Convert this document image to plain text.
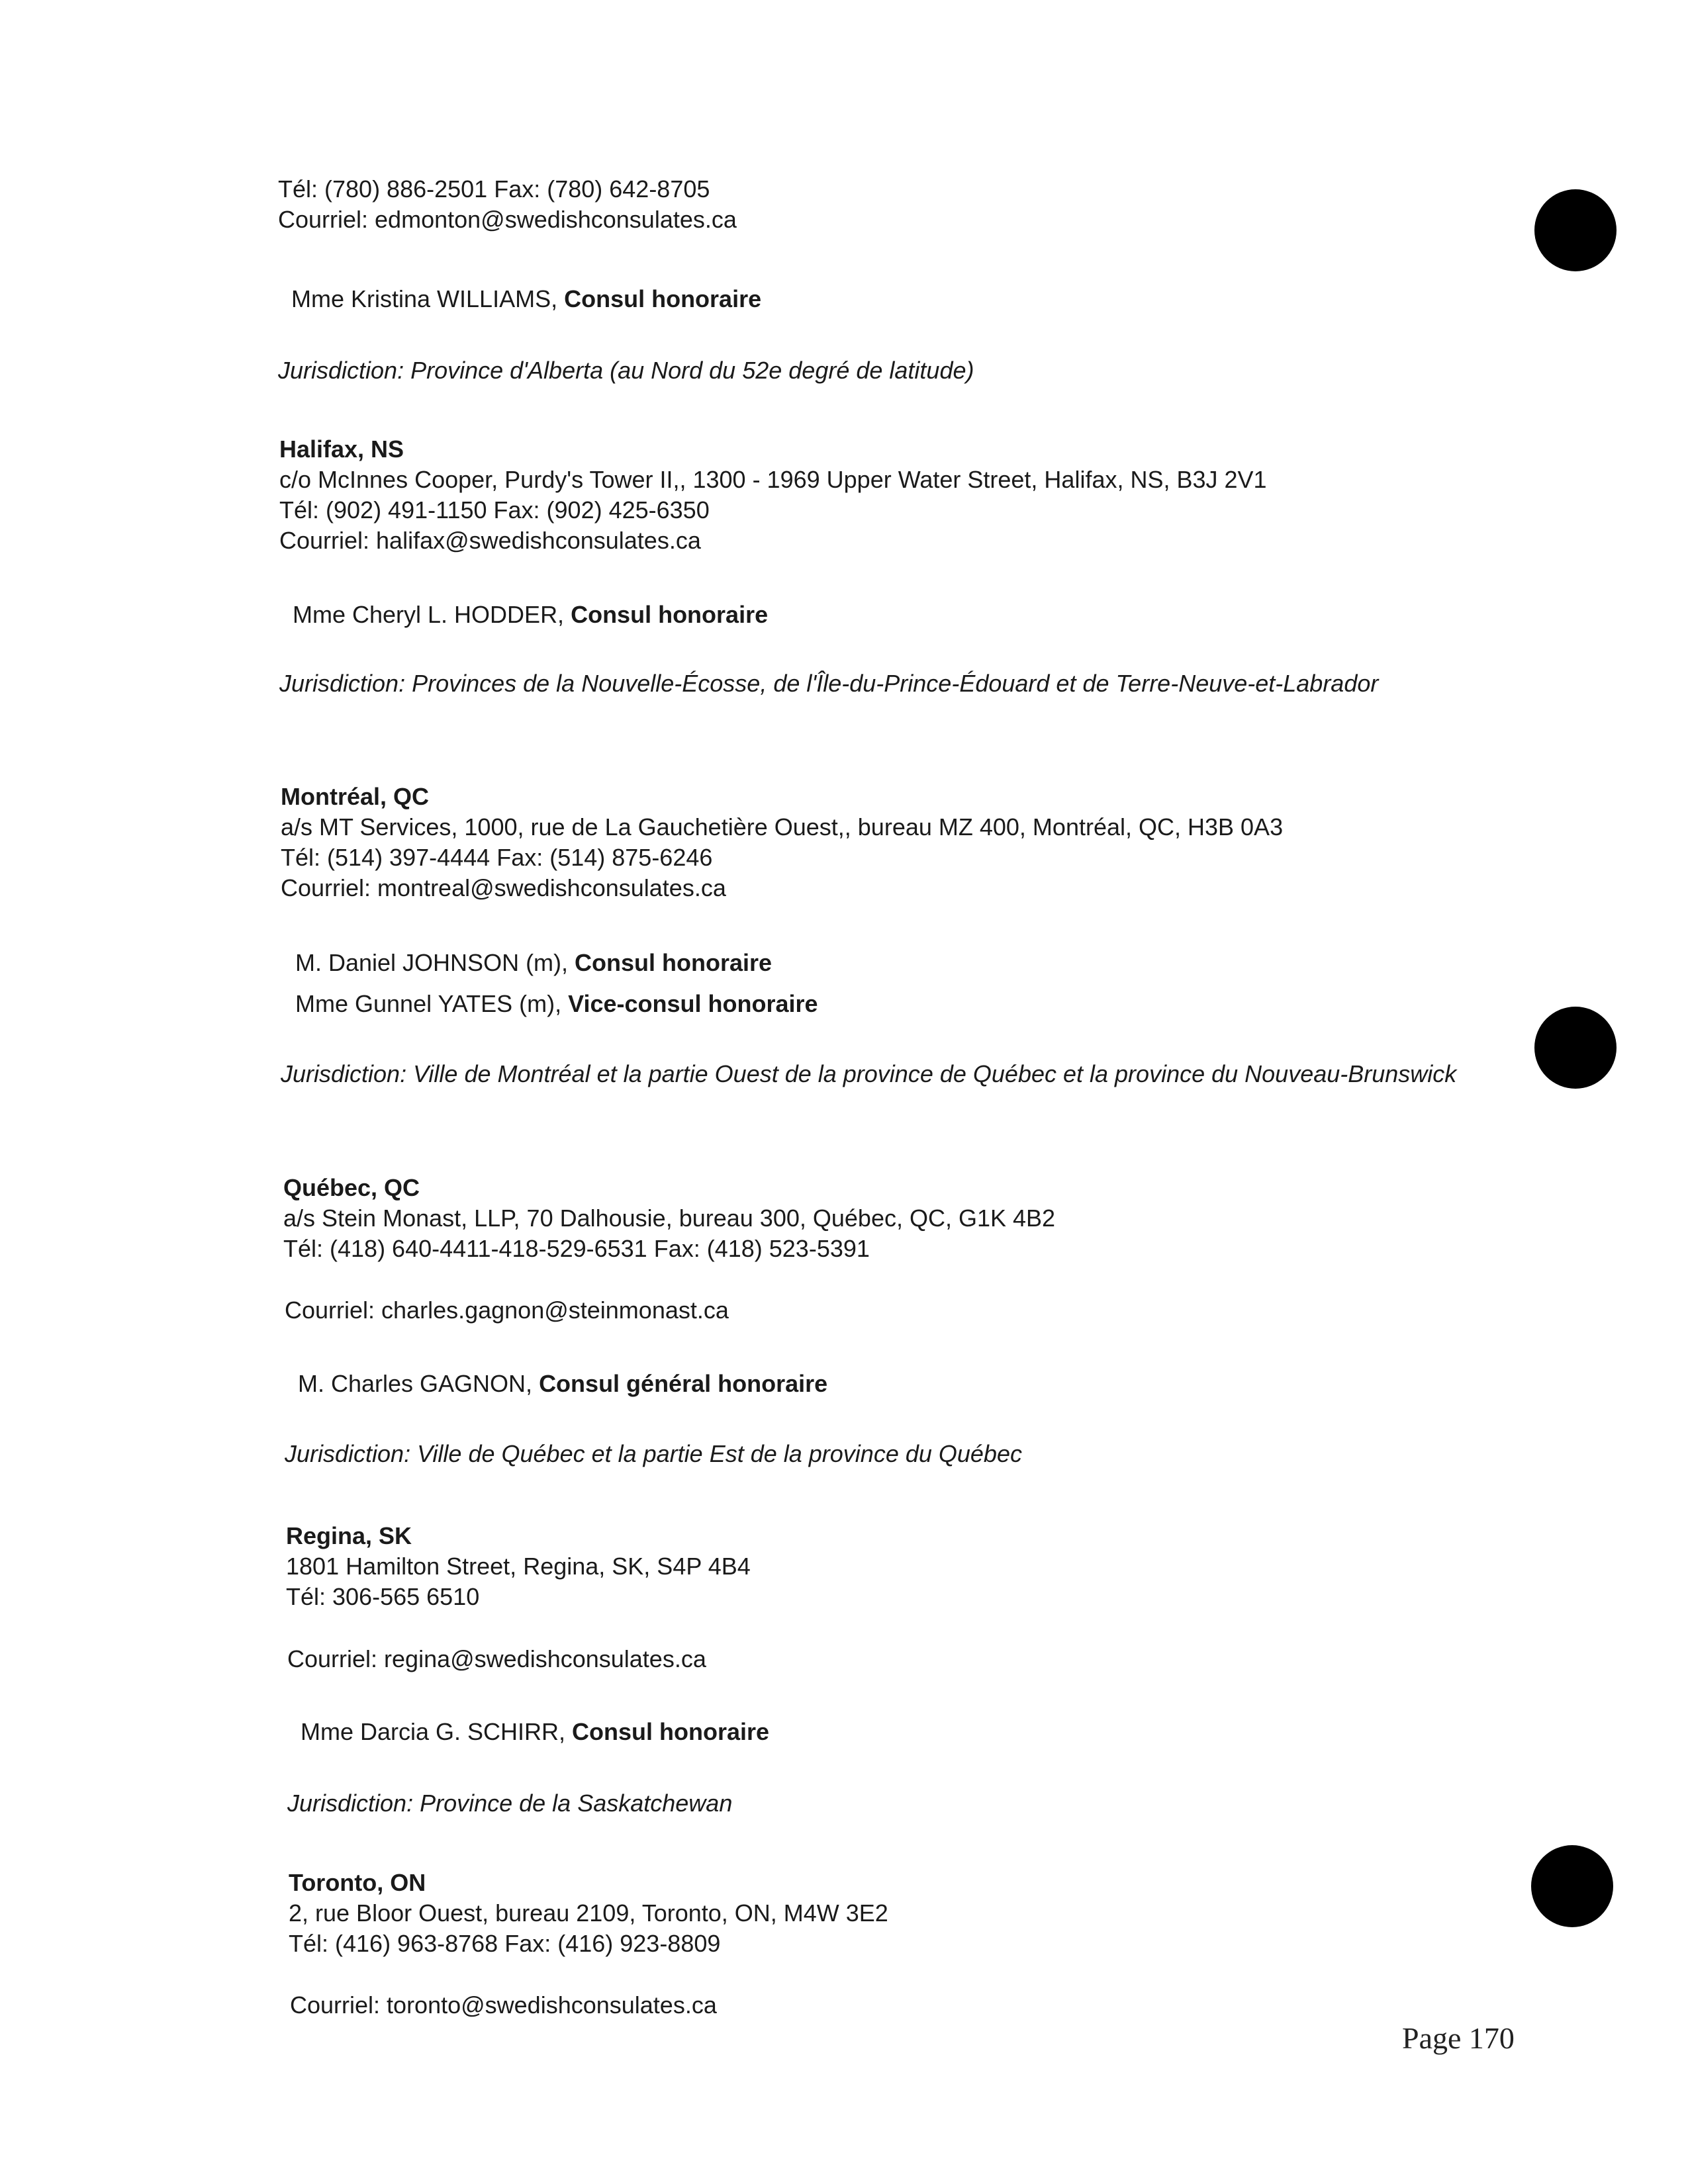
Tél: (780) 886-2501 Fax: (780) 642-8705
Courriel: edmonton@swedishconsulates.ca
Mme Kristina WILLIAMS, Consul honoraire
Jurisdiction: Province d'Alberta (au Nord du 52e degré de latitude)
Halifax, NS
c/o McInnes Cooper, Purdy's Tower II,, 1300 - 1969 Upper Water Street, Halifax, NS, B3J 2V1
Tél: (902) 491-1150 Fax: (902) 425-6350
Courriel: halifax@swedishconsulates.ca
Mme Cheryl L. HODDER, Consul honoraire
Jurisdiction: Provinces de la Nouvelle-Écosse, de l'Île-du-Prince-Édouard et de Terre-Neuve-et-Labrador
Montréal, QC
a/s MT Services, 1000, rue de La Gauchetière Ouest,, bureau MZ 400, Montréal, QC, H3B 0A3
Tél: (514) 397-4444 Fax: (514) 875-6246
Courriel: montreal@swedishconsulates.ca
M. Daniel JOHNSON (m), Consul honoraire
Mme Gunnel YATES (m), Vice-consul honoraire
Jurisdiction: Ville de Montréal et la partie Ouest de la province de Québec et la province du Nouveau-Brunswick
Québec, QC
a/s Stein Monast, LLP, 70 Dalhousie, bureau 300, Québec, QC, G1K 4B2
Tél: (418) 640-4411-418-529-6531 Fax: (418) 523-5391
Courriel: charles.gagnon@steinmonast.ca
M. Charles GAGNON, Consul général honoraire
Jurisdiction: Ville de Québec et la partie Est de la province du Québec
Regina, SK
1801 Hamilton Street, Regina, SK, S4P 4B4
Tél: 306-565 6510
Courriel: regina@swedishconsulates.ca
Mme Darcia G. SCHIRR, Consul honoraire
Jurisdiction: Province de la Saskatchewan
Toronto, ON
2, rue Bloor Ouest, bureau 2109, Toronto, ON, M4W 3E2
Tél: (416) 963-8768 Fax: (416) 923-8809
Courriel: toronto@swedishconsulates.ca
Page 170
